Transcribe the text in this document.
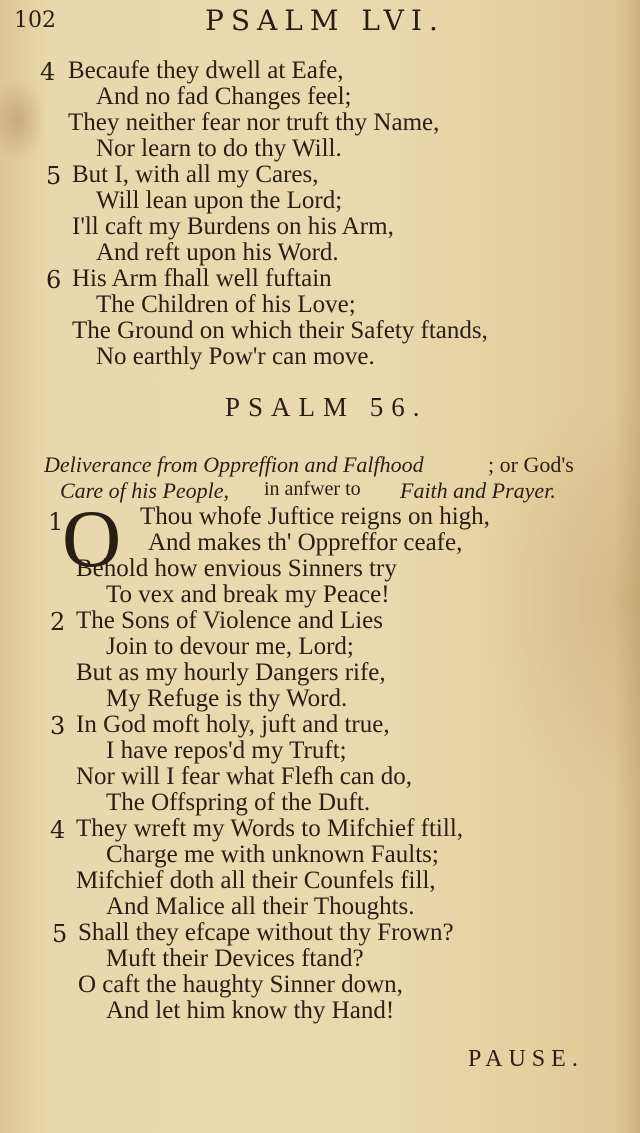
102	PSALM LVI.
4 Becaufe they dwell at Eafe,
And no fad Changes feel;
They neither fear nor truft thy Name,
Nor learn to do thy Will.
5 But I, with all my Cares,
Will lean upon the Lord;
I'll caft my Burdens on his Arm,
And reft upon his Word.
6 His Arm fhall well fuftain
The Children of his Love;
The Ground on which their Safety ftands,
No earthly Pow'r can move.
PSALM 56.
Deliverance from Oppreffion and Falfhood	; or God's
Care of his People, in anfwer to Faith and Prayer.
1
O Thou whofe Juftice reigns on high,
And makes th' Oppreffor ceafe,
Behold how envious Sinners try
To vex and break my Peace!
2 The Sons of Violence and Lies
Join to devour me, Lord;
But as my hourly Dangers rife,
My Refuge is thy Word.
3 In God moft holy, juft and true,
I have repos'd my Truft;
Nor will I fear what Flefh can do,
The Offspring of the Duft.
4 They wreft my Words to Mifchief ftill,
Charge me with unknown Faults;
Mifchief doth all their Counfels fill,
And Malice all their Thoughts.
5 Shall they efcape without thy Frown?
Muft their Devices ftand?
O caft the haughty Sinner down,
And let him know thy Hand!
PAUSE.
